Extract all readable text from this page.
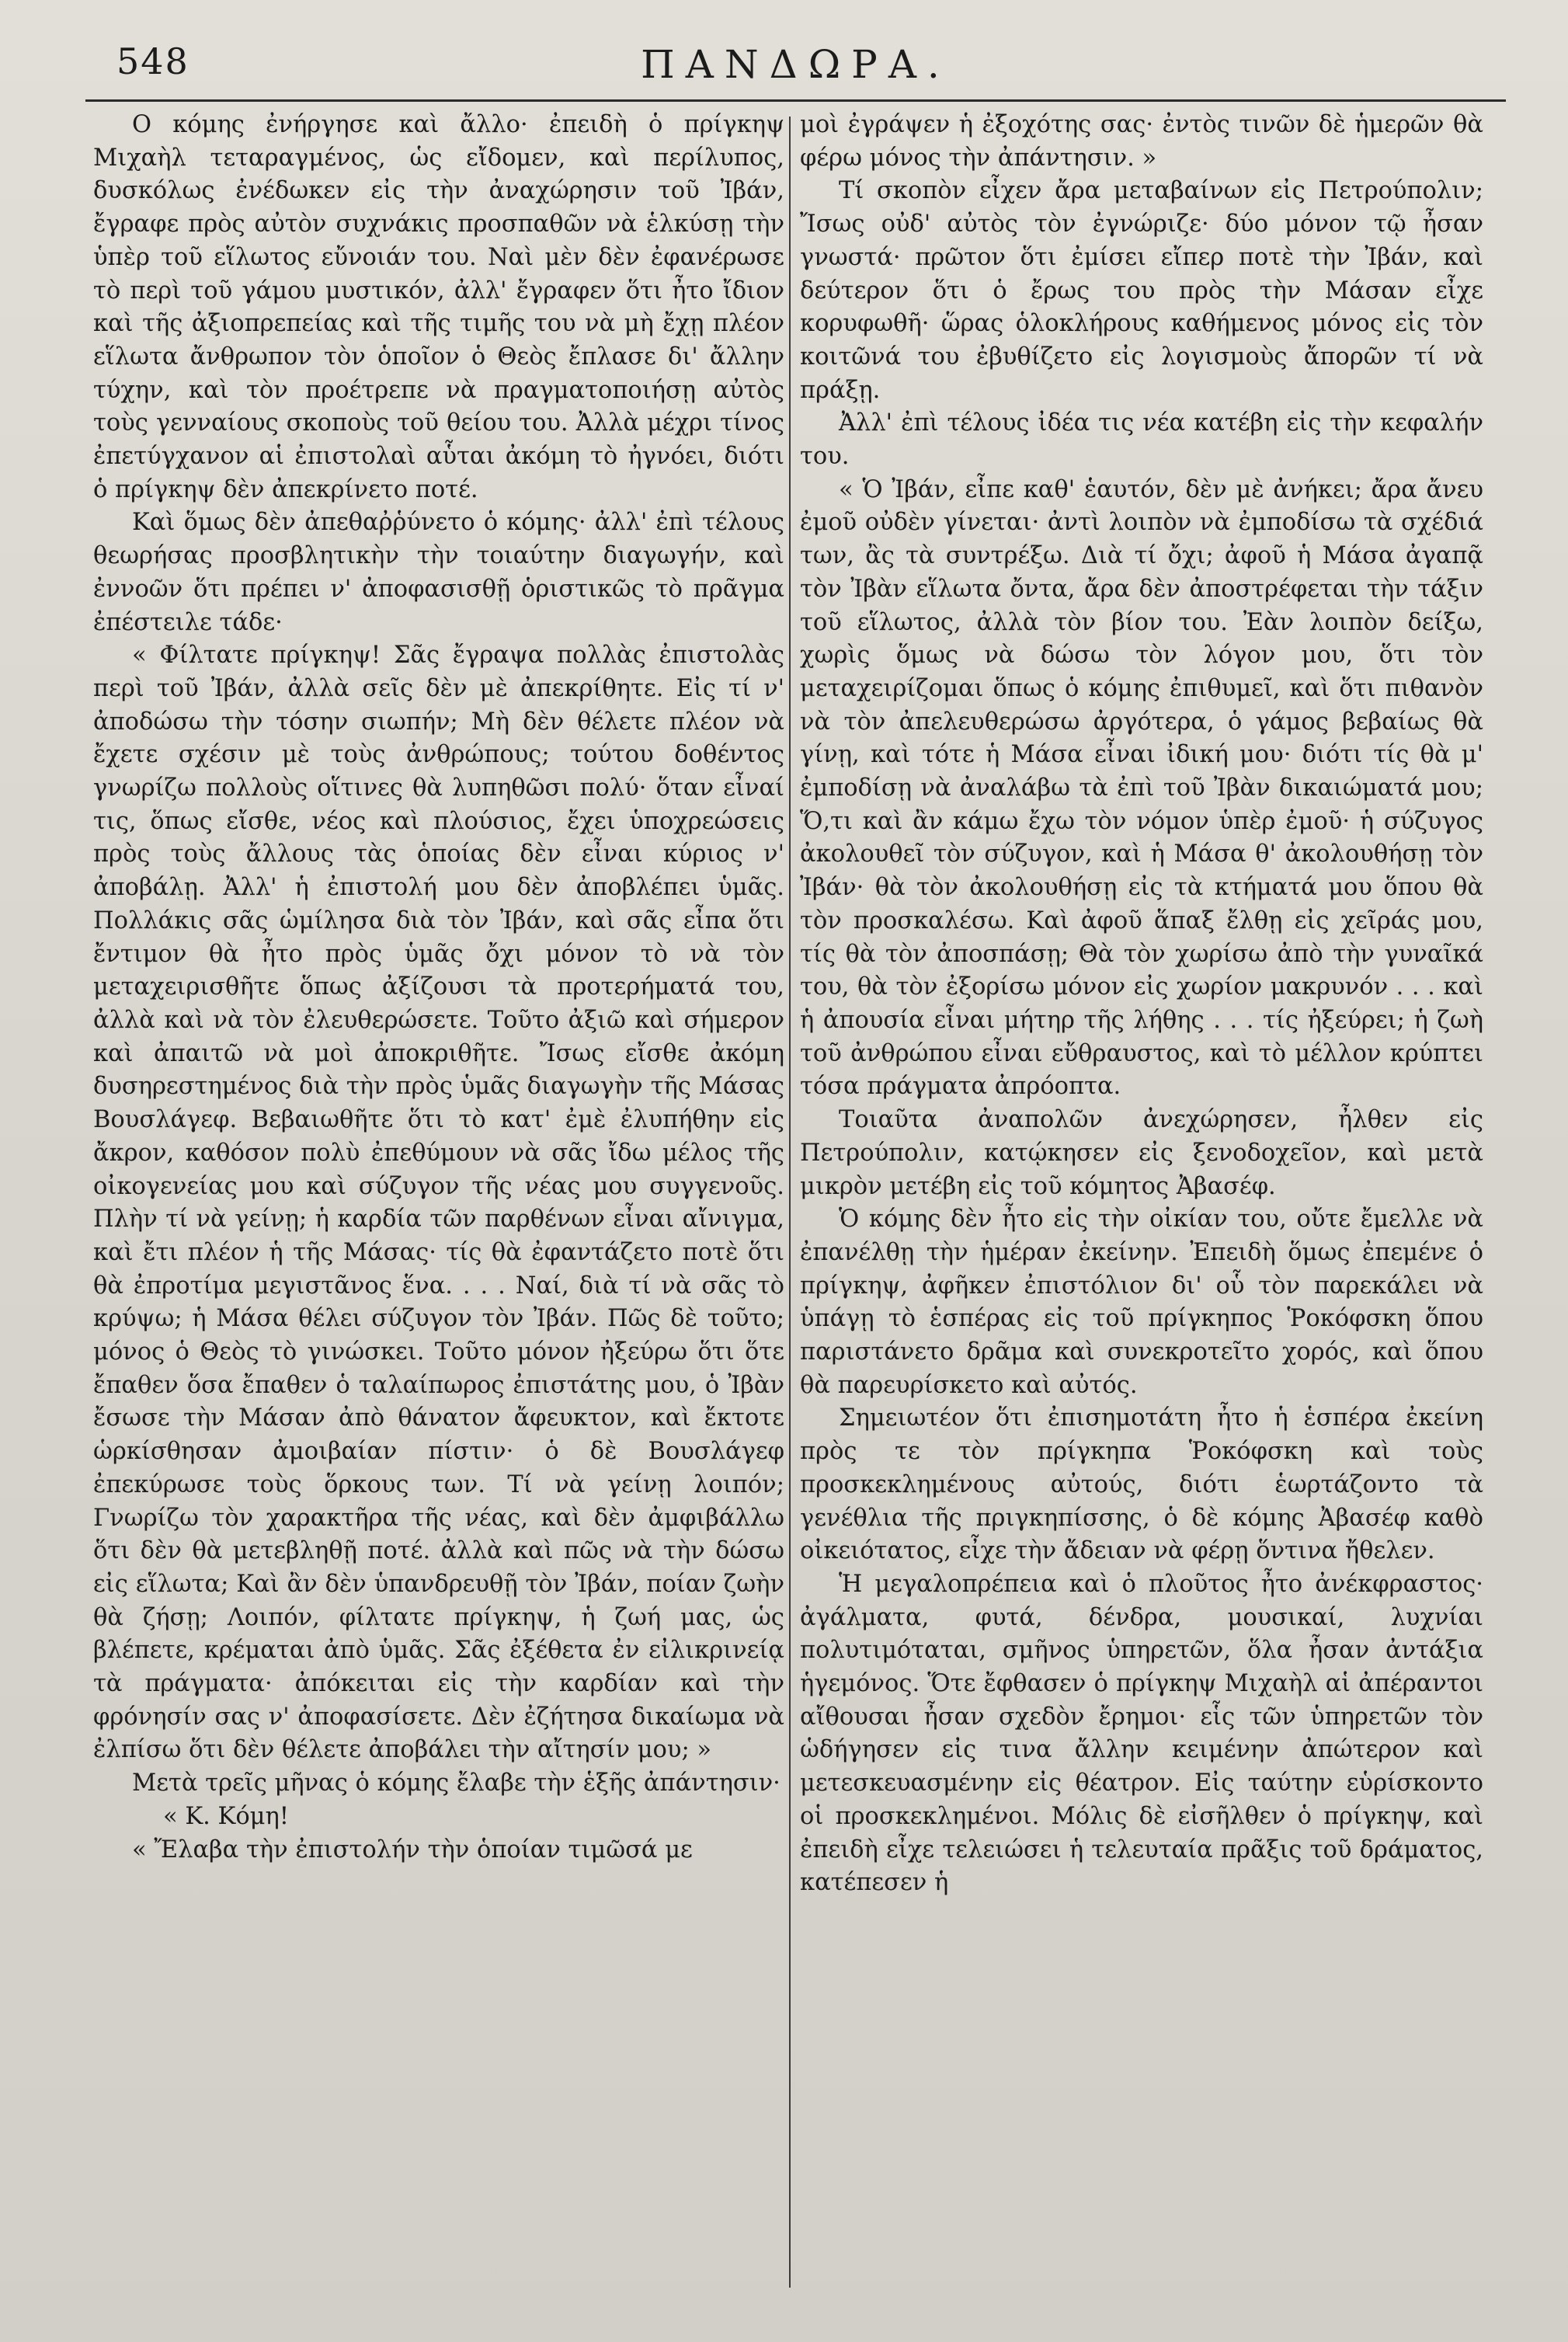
548	ΠΑΝΔΩΡΑ.

Ο κόμης ἐνήργησε καὶ ἄλλο· ἐπειδὴ ὁ πρίγκηψ Μιχαὴλ τεταραγμένος, ὡς εἴδομεν, καὶ περίλυπος, δυσκόλως ἐνέδωκεν εἰς τὴν ἀναχώρησιν τοῦ Ἰβάν, ἔγραφε πρὸς αὐτὸν συχνάκις προσπαθῶν νὰ ἑλκύσῃ τὴν ὑπὲρ τοῦ εἵλωτος εὔνοιάν του. Ναὶ μὲν δὲν ἐφανέρωσε τὸ περὶ τοῦ γάμου μυστικόν, ἀλλ' ἔγραφεν ὅτι ἦτο ἴδιον καὶ τῆς ἀξιοπρεπείας καὶ τῆς τιμῆς του νὰ μὴ ἔχῃ πλέον εἵλωτα ἄνθρωπον τὸν ὁποῖον ὁ Θεὸς ἔπλασε δι' ἄλλην τύχην, καὶ τὸν προέτρεπε νὰ πραγματοποιήσῃ αὐτὸς τοὺς γενναίους σκοποὺς τοῦ θείου του. Ἀλλὰ μέχρι τίνος ἐπετύγχανον αἱ ἐπιστολαὶ αὗται ἀκόμη τὸ ἠγνόει, διότι ὁ πρίγκηψ δὲν ἀπεκρίνετο ποτέ.

Καὶ ὅμως δὲν ἀπεθαῤῥύνετο ὁ κόμης· ἀλλ' ἐπὶ τέλους θεωρήσας προσβλητικὴν τὴν τοιαύτην διαγωγήν, καὶ ἐννοῶν ὅτι πρέπει ν' ἀποφασισθῇ ὁριστικῶς τὸ πρᾶγμα ἐπέστειλε τάδε·

« Φίλτατε πρίγκηψ! Σᾶς ἔγραψα πολλὰς ἐπιστολὰς περὶ τοῦ Ἰβάν, ἀλλὰ σεῖς δὲν μὲ ἀπεκρίθητε. Εἰς τί ν' ἀποδώσω τὴν τόσην σιωπήν; Μὴ δὲν θέλετε πλέον νὰ ἔχετε σχέσιν μὲ τοὺς ἀνθρώπους; τούτου δοθέντος γνωρίζω πολλοὺς οἵτινες θὰ λυπηθῶσι πολύ· ὅταν εἶναί τις, ὅπως εἴσθε, νέος καὶ πλούσιος, ἔχει ὑποχρεώσεις πρὸς τοὺς ἄλλους τὰς ὁποίας δὲν εἶναι κύριος ν' ἀποβάλῃ. Ἀλλ' ἡ ἐπιστολή μου δὲν ἀποβλέπει ὑμᾶς. Πολλάκις σᾶς ὡμίλησα διὰ τὸν Ἰβάν, καὶ σᾶς εἶπα ὅτι ἔντιμον θὰ ἦτο πρὸς ὑμᾶς ὄχι μόνον τὸ νὰ τὸν μεταχειρισθῆτε ὅπως ἀξίζουσι τὰ προτερήματά του, ἀλλὰ καὶ νὰ τὸν ἐλευθερώσετε. Τοῦτο ἀξιῶ καὶ σήμερον καὶ ἀπαιτῶ νὰ μοὶ ἀποκριθῆτε. Ἴσως εἴσθε ἀκόμη δυσηρεστημένος διὰ τὴν πρὸς ὑμᾶς διαγωγὴν τῆς Μάσας Βουσλάγεφ. Βεβαιωθῆτε ὅτι τὸ κατ' ἐμὲ ἐλυπήθην εἰς ἄκρον, καθόσον πολὺ ἐπεθύμουν νὰ σᾶς ἴδω μέλος τῆς οἰκογενείας μου καὶ σύζυγον τῆς νέας μου συγγενοῦς. Πλὴν τί νὰ γείνῃ; ἡ καρδία τῶν παρθένων εἶναι αἴνιγμα, καὶ ἔτι πλέον ἡ τῆς Μάσας· τίς θὰ ἐφαντάζετο ποτὲ ὅτι θὰ ἐπροτίμα μεγιστᾶνος ἕνα. . . . Ναί, διὰ τί νὰ σᾶς τὸ κρύψω; ἡ Μάσα θέλει σύζυγον τὸν Ἰβάν. Πῶς δὲ τοῦτο; μόνος ὁ Θεὸς τὸ γινώσκει. Τοῦτο μόνον ἠξεύρω ὅτι ὅτε ἔπαθεν ὅσα ἔπαθεν ὁ ταλαίπωρος ἐπιστάτης μου, ὁ Ἰβὰν ἔσωσε τὴν Μάσαν ἀπὸ θάνατον ἄφευκτον, καὶ ἔκτοτε ὡρκίσθησαν ἀμοιβαίαν πίστιν· ὁ δὲ Βουσλάγεφ ἐπεκύρωσε τοὺς ὅρκους των. Τί νὰ γείνῃ λοιπόν; Γνωρίζω τὸν χαρακτῆρα τῆς νέας, καὶ δὲν ἀμφιβάλλω ὅτι δὲν θὰ μετεβληθῇ ποτέ. ἀλλὰ καὶ πῶς νὰ τὴν δώσω εἰς εἵλωτα; Καὶ ἂν δὲν ὑπανδρευθῇ τὸν Ἰβάν, ποίαν ζωὴν θὰ ζήσῃ; Λοιπόν, φίλτατε πρίγκηψ, ἡ ζωή μας, ὡς βλέπετε, κρέμαται ἀπὸ ὑμᾶς. Σᾶς ἐξέθετα ἐν εἰλικρινείᾳ τὰ πράγματα· ἀπόκειται εἰς τὴν καρδίαν καὶ τὴν φρόνησίν σας ν' ἀποφασίσετε. Δὲν ἐζήτησα δικαίωμα νὰ ἐλπίσω ὅτι δὲν θέλετε ἀποβάλει τὴν αἴτησίν μου; »

Μετὰ τρεῖς μῆνας ὁ κόμης ἔλαβε τὴν ἑξῆς ἀπάντησιν·

« Κ. Κόμη!

« Ἔλαβα τὴν ἐπιστολήν τὴν ὁποίαν τιμῶσά με

μοὶ ἐγράψεν ἡ ἐξοχότης σας· ἐντὸς τινῶν δὲ ἡμερῶν θὰ φέρω μόνος τὴν ἀπάντησιν. »

Τί σκοπὸν εἶχεν ἄρα μεταβαίνων εἰς Πετρούπολιν; Ἴσως οὐδ' αὐτὸς τὸν ἐγνώριζε· δύο μόνον τῷ ἦσαν γνωστά· πρῶτον ὅτι ἐμίσει εἴπερ ποτὲ τὴν Ἰβάν, καὶ δεύτερον ὅτι ὁ ἔρως του πρὸς τὴν Μάσαν εἶχε κορυφωθῆ· ὥρας ὁλοκλήρους καθήμενος μόνος εἰς τὸν κοιτῶνά του ἐβυθίζετο εἰς λογισμοὺς ἄπορῶν τί νὰ πράξῃ.

Ἀλλ' ἐπὶ τέλους ἰδέα τις νέα κατέβη εἰς τὴν κεφαλήν του.

« Ὁ Ἰβάν, εἶπε καθ' ἑαυτόν, δὲν μὲ ἀνήκει; ἄρα ἄνευ ἐμοῦ οὐδὲν γίνεται· ἀντὶ λοιπὸν νὰ ἐμποδίσω τὰ σχέδιά των, ἂς τὰ συντρέξω. Διὰ τί ὄχι; ἀφοῦ ἡ Μάσα ἀγαπᾷ τὸν Ἰβὰν εἵλωτα ὄντα, ἄρα δὲν ἀποστρέφεται τὴν τάξιν τοῦ εἵλωτος, ἀλλὰ τὸν βίον του. Ἐὰν λοιπὸν δείξω, χωρὶς ὅμως νὰ δώσω τὸν λόγον μου, ὅτι τὸν μεταχειρίζομαι ὅπως ὁ κόμης ἐπιθυμεῖ, καὶ ὅτι πιθανὸν νὰ τὸν ἀπελευθερώσω ἀργότερα, ὁ γάμος βεβαίως θὰ γίνῃ, καὶ τότε ἡ Μάσα εἶναι ἰδική μου· διότι τίς θὰ μ' ἐμποδίσῃ νὰ ἀναλάβω τὰ ἐπὶ τοῦ Ἰβὰν δικαιώματά μου; Ὅ,τι καὶ ἂν κάμω ἔχω τὸν νόμον ὑπὲρ ἐμοῦ· ἡ σύζυγος ἀκολουθεῖ τὸν σύζυγον, καὶ ἡ Μάσα θ' ἀκολουθήσῃ τὸν Ἰβάν· θὰ τὸν ἀκολουθήσῃ εἰς τὰ κτήματά μου ὅπου θὰ τὸν προσκαλέσω. Καὶ ἀφοῦ ἅπαξ ἔλθῃ εἰς χεῖράς μου, τίς θὰ τὸν ἀποσπάσῃ; Θὰ τὸν χωρίσω ἀπὸ τὴν γυναῖκά του, θὰ τὸν ἐξορίσω μόνον εἰς χωρίον μακρυνόν . . . καὶ ἡ ἀπουσία εἶναι μήτηρ τῆς λήθης . . . τίς ἠξεύρει; ἡ ζωὴ τοῦ ἀνθρώπου εἶναι εὔθραυστος, καὶ τὸ μέλλον κρύπτει τόσα πράγματα ἀπρόοπτα.

Τοιαῦτα ἀναπολῶν ἀνεχώρησεν, ἦλθεν εἰς Πετρούπολιν, κατῴκησεν εἰς ξενοδοχεῖον, καὶ μετὰ μικρὸν μετέβη εἰς τοῦ κόμητος Ἀβασέφ.

Ὁ κόμης δὲν ἦτο εἰς τὴν οἰκίαν του, οὔτε ἔμελλε νὰ ἐπανέλθῃ τὴν ἡμέραν ἐκείνην. Ἐπειδὴ ὅμως ἐπεμένε ὁ πρίγκηψ, ἀφῆκεν ἐπιστόλιον δι' οὗ τὸν παρεκάλει νὰ ὑπάγῃ τὸ ἑσπέρας εἰς τοῦ πρίγκηπος Ῥοκόφσκη ὅπου παριστάνετο δρᾶμα καὶ συνεκροτεῖτο χορός, καὶ ὅπου θὰ παρευρίσκετο καὶ αὐτός.

Σημειωτέον ὅτι ἐπισημοτάτη ἦτο ἡ ἑσπέρα ἐκείνη πρὸς τε τὸν πρίγκηπα Ῥοκόφσκη καὶ τοὺς προσκεκλημένους αὐτούς, διότι ἑωρτάζοντο τὰ γενέθλια τῆς πριγκηπίσσης, ὁ δὲ κόμης Ἀβασέφ καθὸ οἰκειότατος, εἶχε τὴν ἄδειαν νὰ φέρῃ ὅντινα ἤθελεν.

Ἡ μεγαλοπρέπεια καὶ ὁ πλοῦτος ἦτο ἀνέκφραστος· ἀγάλματα, φυτά, δένδρα, μουσικαί, λυχνίαι πολυτιμόταται, σμῆνος ὑπηρετῶν, ὅλα ἦσαν ἀντάξια ἡγεμόνος. Ὅτε ἔφθασεν ὁ πρίγκηψ Μιχαὴλ αἱ ἀπέραντοι αἴθουσαι ἦσαν σχεδὸν ἔρημοι· εἷς τῶν ὑπηρετῶν τὸν ὡδήγησεν εἰς τινα ἄλλην κειμένην ἀπώτερον καὶ μετεσκευασμένην εἰς θέατρον. Εἰς ταύτην εὑρίσκοντο οἱ προσκεκλημένοι. Μόλις δὲ εἰσῆλθεν ὁ πρίγκηψ, καὶ ἐπειδὴ εἶχε τελειώσει ἡ τελευταία πρᾶξις τοῦ δράματος, κατέπεσεν ἡ
